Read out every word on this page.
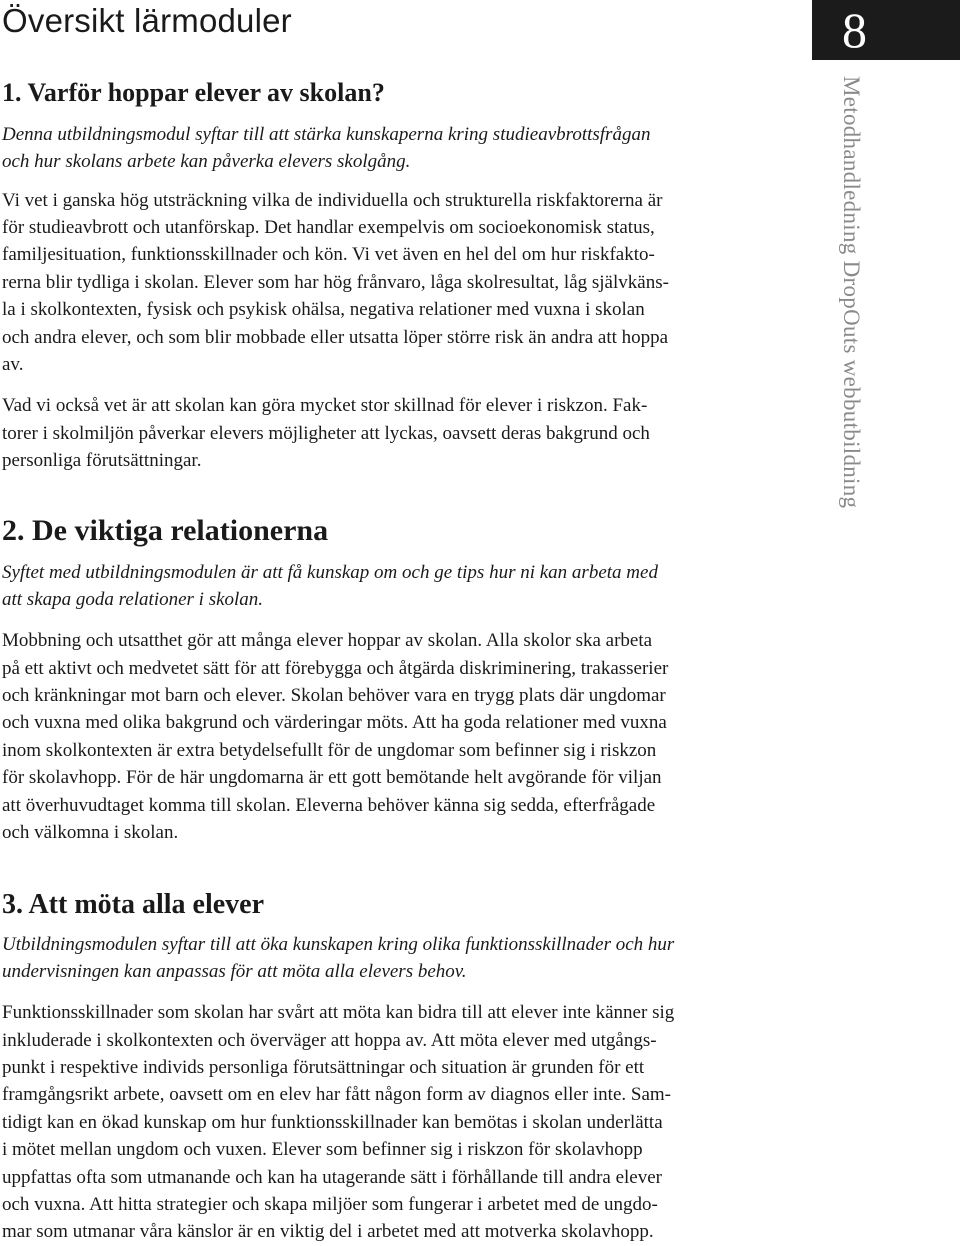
Översikt lärmoduler	8
Metodhandledning DropOuts webbutbildning
1. Varför hoppar elever av skolan?

Denna utbildningsmodul syftar till att stärka kunskaperna kring studieavbrottsfrågan
och hur skolans arbete kan påverka elevers skolgång.

Vi vet i ganska hög utsträckning vilka de individuella och strukturella riskfaktorerna är
för studieavbrott och utanförskap. Det handlar exempelvis om socioekonomisk status,
familjesituation, funktionsskillnader och kön. Vi vet även en hel del om hur riskfakto-
rerna blir tydliga i skolan. Elever som har hög frånvaro, låga skolresultat, låg självkäns-
la i skolkontexten, fysisk och psykisk ohälsa, negativa relationer med vuxna i skolan
och andra elever, och som blir mobbade eller utsatta löper större risk än andra att hoppa
av.

Vad vi också vet är att skolan kan göra mycket stor skillnad för elever i riskzon. Fak-
torer i skolmiljön påverkar elevers möjligheter att lyckas, oavsett deras bakgrund och
personliga förutsättningar.

2. De viktiga relationerna

Syftet med utbildningsmodulen är att få kunskap om och ge tips hur ni kan arbeta med
att skapa goda relationer i skolan.

Mobbning och utsatthet gör att många elever hoppar av skolan. Alla skolor ska arbeta
på ett aktivt och medvetet sätt för att förebygga och åtgärda diskriminering, trakasserier
och kränkningar mot barn och elever. Skolan behöver vara en trygg plats där ungdomar
och vuxna med olika bakgrund och värderingar möts. Att ha goda relationer med vuxna
inom skolkontexten är extra betydelsefullt för de ungdomar som befinner sig i riskzon
för skolavhopp. För de här ungdomarna är ett gott bemötande helt avgörande för viljan
att överhuvudtaget komma till skolan. Eleverna behöver känna sig sedda, efterfrågade
och välkomna i skolan.

3. Att möta alla elever

Utbildningsmodulen syftar till att öka kunskapen kring olika funktionsskillnader och hur
undervisningen kan anpassas för att möta alla elevers behov.

Funktionsskillnader som skolan har svårt att möta kan bidra till att elever inte känner sig
inkluderade i skolkontexten och överväger att hoppa av. Att möta elever med utgångs-
punkt i respektive individs personliga förutsättningar och situation är grunden för ett
framgångsrikt arbete, oavsett om en elev har fått någon form av diagnos eller inte. Sam-
tidigt kan en ökad kunskap om hur funktionsskillnader kan bemötas i skolan underlätta
i mötet mellan ungdom och vuxen. Elever som befinner sig i riskzon för skolavhopp
uppfattas ofta som utmanande och kan ha utagerande sätt i förhållande till andra elever
och vuxna. Att hitta strategier och skapa miljöer som fungerar i arbetet med de ungdo-
mar som utmanar våra känslor är en viktig del i arbetet med att motverka skolavhopp.
